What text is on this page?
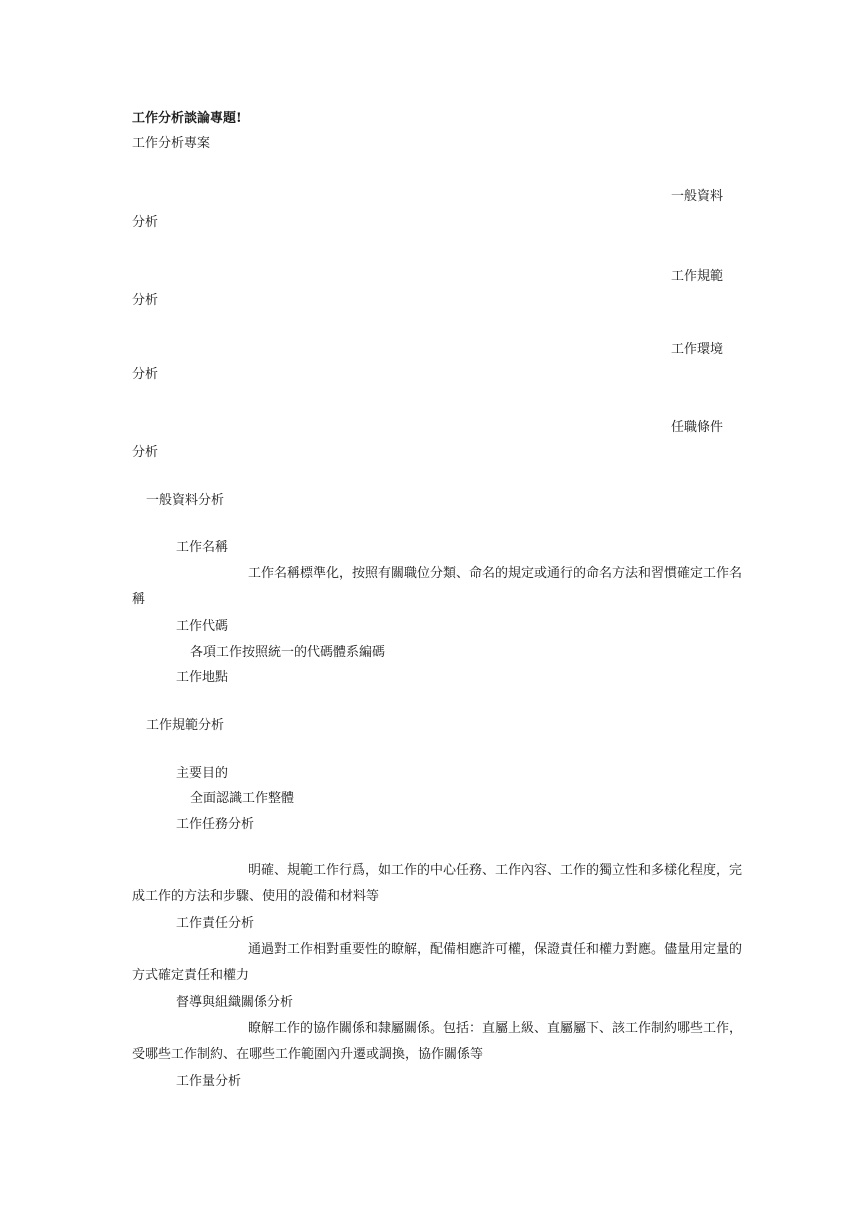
工作分析談論專題!
工作分析專案
一般資料
分析
工作規範
分析
工作環境
分析
任職條件
分析
一般資料分析
工作名稱
工作名稱標準化，按照有關職位分類、命名的規定或通行的命名方法和習慣確定工作名稱
工作代碼
各項工作按照統一的代碼體系編碼
工作地點
工作規範分析
主要目的
全面認識工作整體
工作任務分析
明確、規範工作行爲，如工作的中心任務、工作內容、工作的獨立性和多樣化程度，完成工作的方法和步驟、使用的設備和材料等
工作責任分析
通過對工作相對重要性的瞭解，配備相應許可權，保證責任和權力對應。儘量用定量的方式確定責任和權力
督導與組織關係分析
瞭解工作的協作關係和隸屬關係。包括：直屬上級、直屬屬下、該工作制約哪些工作，受哪些工作制約、在哪些工作範圍內升遷或調換，協作關係等
工作量分析
